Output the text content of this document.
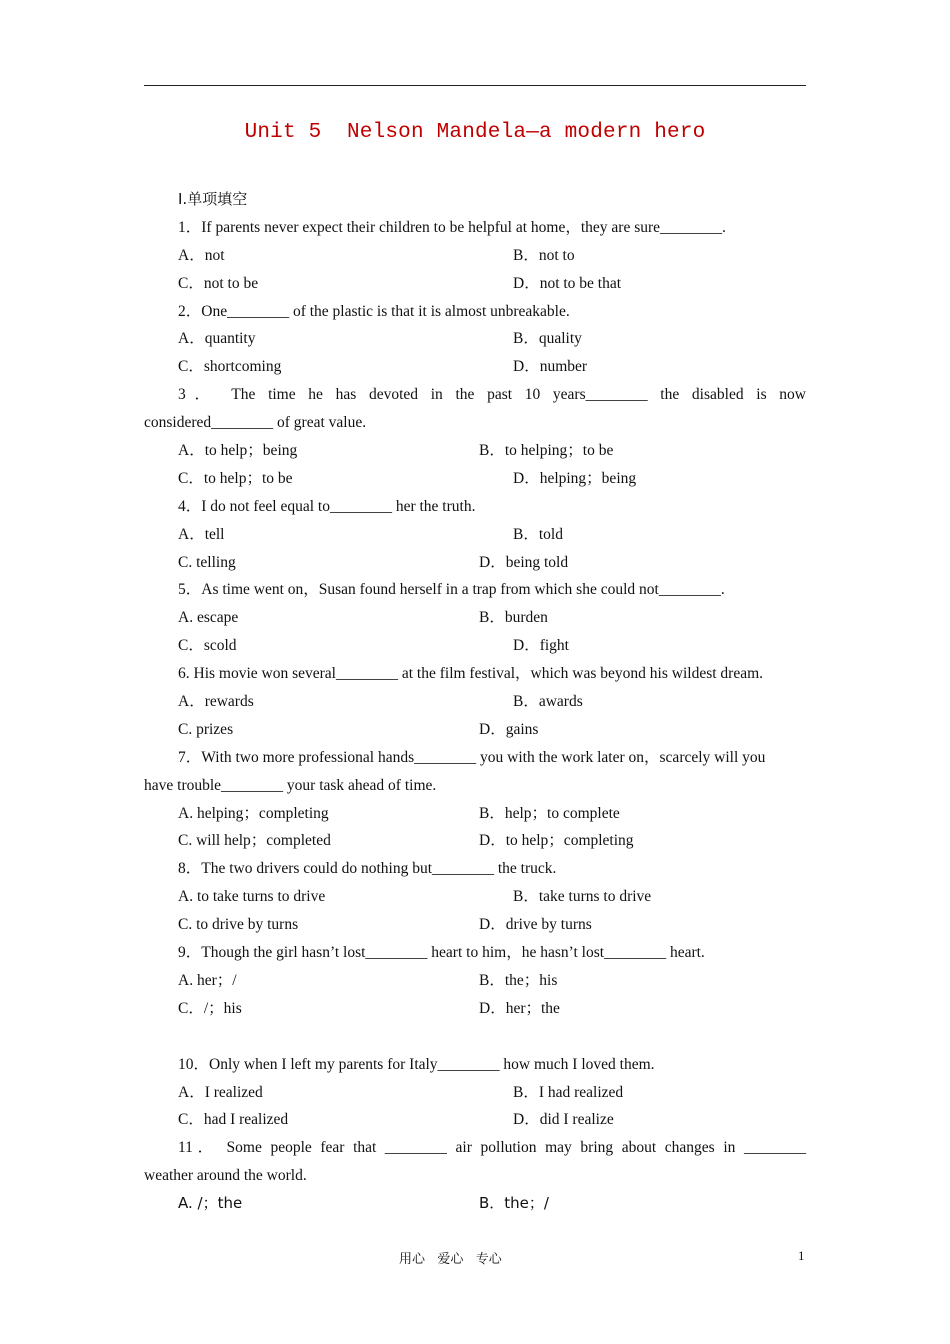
Unit 5  Nelson Mandela—a modern hero
I.单项填空
1．If parents never expect their children to be helpful at home，they are sure________.
A．not	B．not to
C．not to be	D．not to be that
2．One________ of the plastic is that it is almost unbreakable.
A．quantity	B．quality
C．shortcoming	D．number
3． The time he has devoted in the past 10 years________ the disabled is now
considered________ of great value.
A．to help；being	B．to helping；to be
C．to help；to be	D．helping；being
4．I do not feel equal to________ her the truth.
A．tell	B．told
C. telling	D．being told
5．As time went on，Susan found herself in a trap from which she could not________.
A. escape	B．burden
C．scold	D．fight
6. His movie won several________ at the film festival，which was beyond his wildest dream.
A．rewards	B．awards
C. prizes	D．gains
7．With two more professional hands________ you with the work later on，scarcely will you
have trouble________ your task ahead of time.
A. helping；completing	B．help；to complete
C. will help；completed	D．to help；completing
8．The two drivers could do nothing but________ the truck.
A. to take turns to drive	B．take turns to drive
C. to drive by turns	D．drive by turns
9．Though the girl hasn’t lost________ heart to him，he hasn’t lost________ heart.
A. her；/	B．the；his
C．/；his	D．her；the
10．Only when I left my parents for Italy________ how much I loved them.
A．I realized	B．I had realized
C．had I realized	D．did I realize
11． Some people fear that ________ air pollution may bring about changes in ________
weather around the world.
A. /；the	B．the；/
用心   爱心   专心	1
